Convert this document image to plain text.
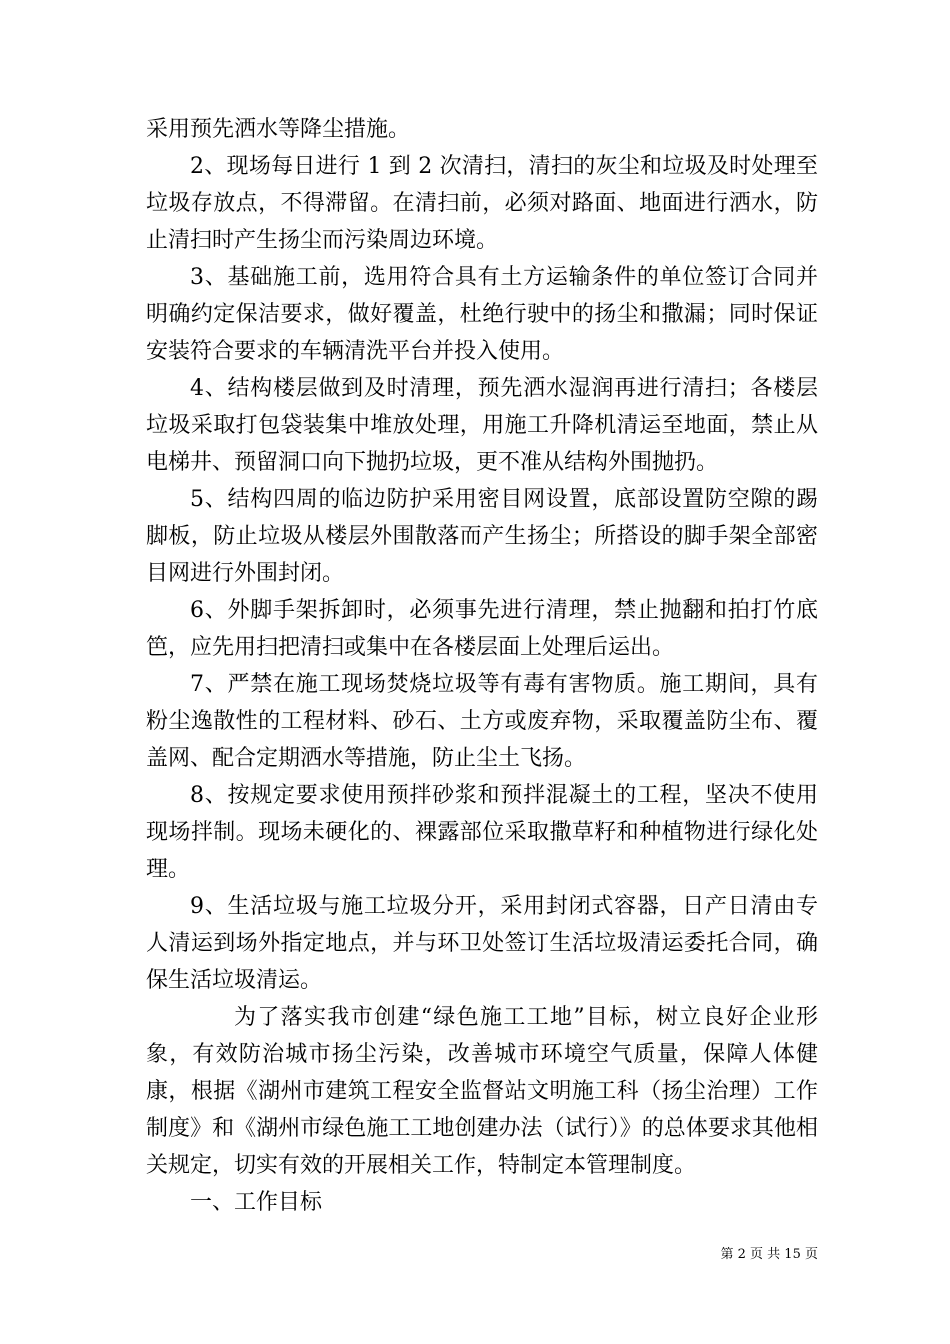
采用预先洒水等降尘措施。

2、现场每日进行 1 到 2 次清扫，清扫的灰尘和垃圾及时处理至垃圾存放点，不得滞留。在清扫前，必须对路面、地面进行洒水，防止清扫时产生扬尘而污染周边环境。

3、基础施工前，选用符合具有土方运输条件的单位签订合同并明确约定保洁要求，做好覆盖，杜绝行驶中的扬尘和撒漏；同时保证安装符合要求的车辆清洗平台并投入使用。

4、结构楼层做到及时清理，预先洒水湿润再进行清扫；各楼层垃圾采取打包袋装集中堆放处理，用施工升降机清运至地面，禁止从电梯井、预留洞口向下抛扔垃圾，更不准从结构外围抛扔。

5、结构四周的临边防护采用密目网设置，底部设置防空隙的踢脚板，防止垃圾从楼层外围散落而产生扬尘；所搭设的脚手架全部密目网进行外围封闭。

6、外脚手架拆卸时，必须事先进行清理，禁止抛翻和拍打竹底笆，应先用扫把清扫或集中在各楼层面上处理后运出。

7、严禁在施工现场焚烧垃圾等有毒有害物质。施工期间，具有粉尘逸散性的工程材料、砂石、土方或废弃物，采取覆盖防尘布、覆盖网、配合定期洒水等措施，防止尘土飞扬。

8、按规定要求使用预拌砂浆和预拌混凝土的工程，坚决不使用现场拌制。现场未硬化的、裸露部位采取撒草籽和种植物进行绿化处理。

9、生活垃圾与施工垃圾分开，采用封闭式容器，日产日清由专人清运到场外指定地点，并与环卫处签订生活垃圾清运委托合同，确保生活垃圾清运。

为了落实我市创建“绿色施工工地”目标，树立良好企业形象，有效防治城市扬尘污染，改善城市环境空气质量，保障人体健康，根据《湖州市建筑工程安全监督站文明施工科（扬尘治理）工作制度》和《湖州市绿色施工工地创建办法（试行）》的总体要求其他相关规定，切实有效的开展相关工作，特制定本管理制度。

一、工作目标

第 2 页 共 15 页
